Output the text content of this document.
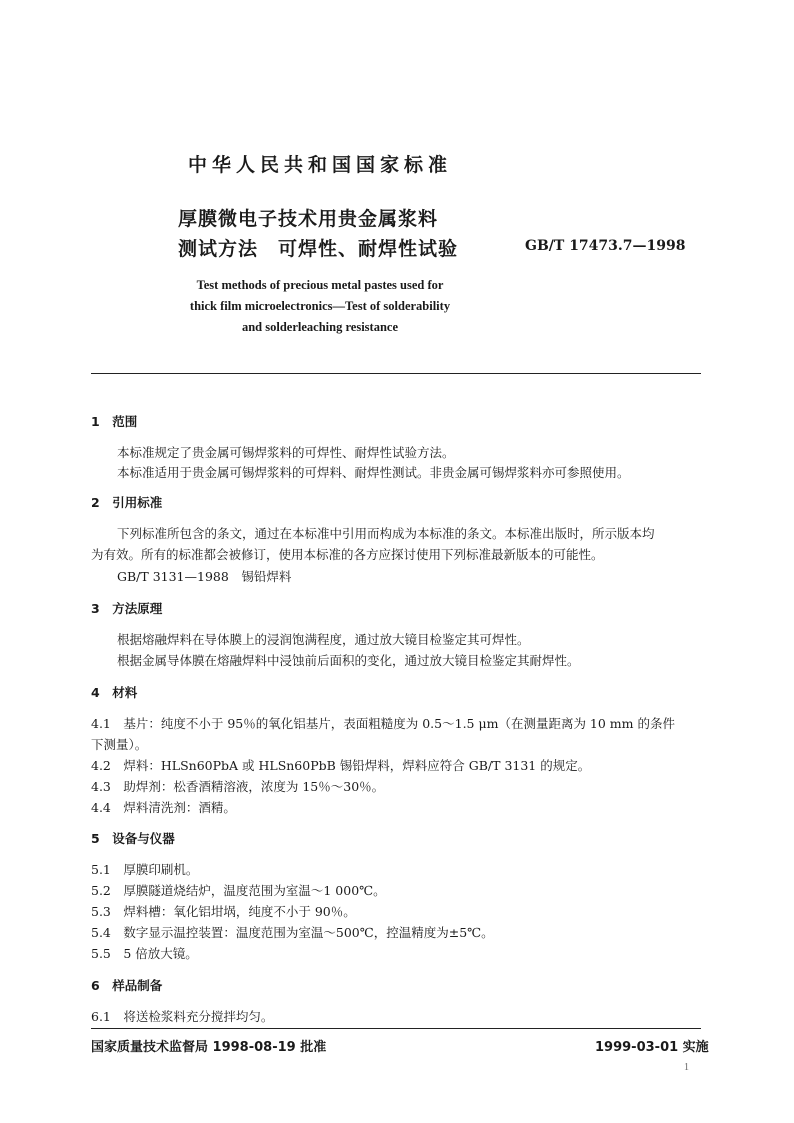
中华人民共和国国家标准
厚膜微电子技术用贵金属浆料
测试方法　可焊性、耐焊性试验	GB/T 17473.7—1998
Test methods of precious metal pastes used for
thick film microelectronics—Test of solderability
and solderleaching resistance
1　范围
本标准规定了贵金属可锡焊浆料的可焊性、耐焊性试验方法。
本标准适用于贵金属可锡焊浆料的可焊料、耐焊性测试。非贵金属可锡焊浆料亦可参照使用。
2　引用标准
下列标准所包含的条文，通过在本标准中引用而构成为本标准的条文。本标准出版时，所示版本均
为有效。所有的标准都会被修订，使用本标准的各方应探讨使用下列标准最新版本的可能性。
GB/T 3131—1988　锡铅焊料
3　方法原理
根据熔融焊料在导体膜上的浸润饱满程度，通过放大镜目检鉴定其可焊性。
根据金属导体膜在熔融焊料中浸蚀前后面积的变化，通过放大镜目检鉴定其耐焊性。
4　材料
4.1　基片：纯度不小于 95％的氧化铝基片，表面粗糙度为 0.5～1.5 μm（在测量距离为 10 mm 的条件
下测量）。
4.2　焊料：HLSn60PbA 或 HLSn60PbB 锡铅焊料，焊料应符合 GB/T 3131 的规定。
4.3　助焊剂：松香酒精溶液，浓度为 15％～30％。
4.4　焊料清洗剂：酒精。
5　设备与仪器
5.1　厚膜印刷机。
5.2　厚膜隧道烧结炉，温度范围为室温～1 000℃。
5.3　焊料槽：氧化铝坩埚，纯度不小于 90％。
5.4　数字显示温控装置：温度范围为室温～500℃，控温精度为±5℃。
5.5　5 倍放大镜。
6　样品制备
6.1　将送检浆料充分搅拌均匀。
国家质量技术监督局 1998-08-19 批准	1999-03-01 实施
1
